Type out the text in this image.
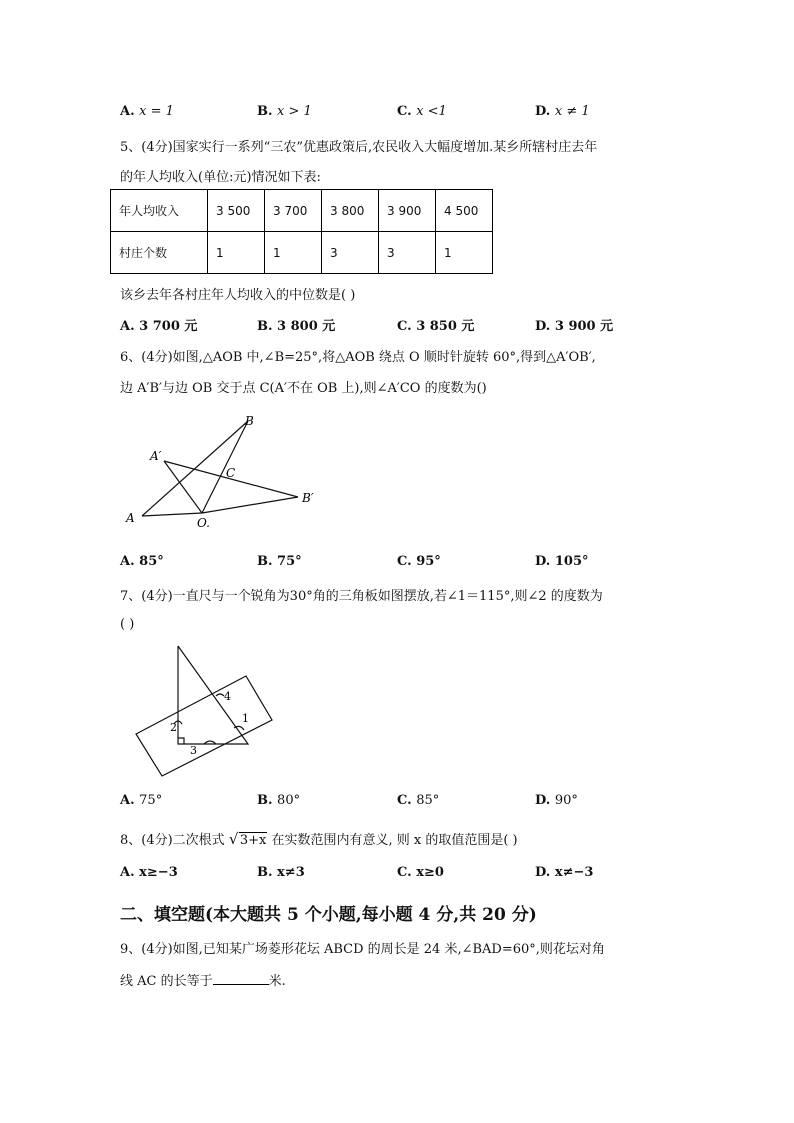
A. x = 1	B. x > 1	C. x <1	D. x ≠ 1
5、(4分)国家实行一系列“三农”优惠政策后,农民收入大幅度增加.某乡所辖村庄去年
的年人均收入(单位:元)情况如下表:
年人均收入	3 500	3 700	3 800	3 900	4 500
村庄个数	1	1	3	3	1
该乡去年各村庄年人均收入的中位数是( )
A. 3 700 元	B. 3 800 元	C. 3 850 元	D. 3 900 元
6、(4分)如图,△AOB 中,∠B=25°,将△AOB 绕点 O 顺时针旋转 60°,得到△A′OB′,
边 A′B′与边 OB 交于点 C(A′不在 OB 上),则∠A′CO 的度数为()
B
A′
C
B′
A	O.
A. 85°	B. 75°	C. 95°	D. 105°
7、(4分)一直尺与一个锐角为30°角的三角板如图摆放,若∠1＝115°,则∠2 的度数为
( )
2
1
3
4
A. 75°	B. 80°	C. 85°	D. 90°
8、(4分)二次根式 √ 3+x 在实数范围内有意义, 则 x 的取值范围是( )
A. x≥−3	B. x≠3	C. x≥0	D. x≠−3
二、填空题(本大题共 5 个小题,每小题 4 分,共 20 分)
9、(4分)如图,已知某广场菱形花坛 ABCD 的周长是 24 米,∠BAD=60°,则花坛对角
线 AC 的长等于	米.
